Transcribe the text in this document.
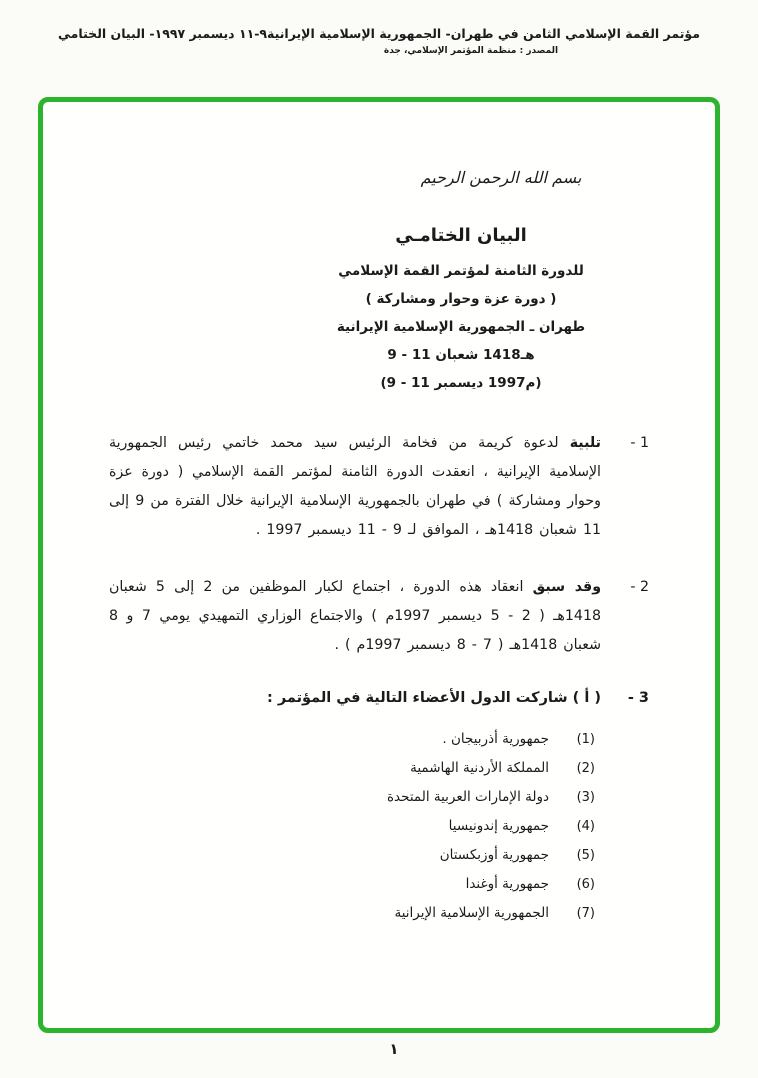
مؤتمر القمة الإسلامي الثامن في طهران- الجمهورية الإسلامية الإيرانية٩-١١ ديسمبر ١٩٩٧- البيان الختامي
المصدر : منظمة المؤتمر الإسلامي، جدة
بسم الله الرحمن الرحيم
البيان الختامـي
للدورة الثامنة لمؤتمر القمة الإسلامي
( دورة عزة وحوار ومشاركة )
طهران ـ الجمهورية الإسلامية الإيرانية
9 - 11 شعبان 1418هـ
(9 - 11 ديسمبر 1997م)
1 -

تلبية لدعوة كريمة من فخامة الرئيس سيد محمد خاتمي رئيس الجمهورية الإسلامية الإيرانية ، انعقدت الدورة الثامنة لمؤتمر القمة الإسلامي ( دورة عزة وحوار ومشاركة ) في طهران بالجمهورية الإسلامية الإيرانية خلال الفترة من 9 إلى 11 شعبان 1418هـ ، الموافق لـ 9 - 11 ديسمبر 1997 .

2 -

وقد سبق انعقاد هذه الدورة ، اجتماع لكبار الموظفين من 2 إلى 5 شعبان 1418هـ ( 2 - 5 ديسمبر 1997م ) والاجتماع الوزاري التمهيدي يومي 7 و 8 شعبان 1418هـ ( 7 - 8 ديسمبر 1997م ) .

3 -
( أ ) شاركت الدول الأعضاء التالية في المؤتمر :
(1)
جمهورية أذربيجان .
(2)
المملكة الأردنية الهاشمية
(3)
دولة الإمارات العربية المتحدة
(4)
جمهورية إندونيسيا
(5)
جمهورية أوزبكستان
(6)
جمهورية أوغندا
(7)
الجمهورية الإسلامية الإيرانية
١
